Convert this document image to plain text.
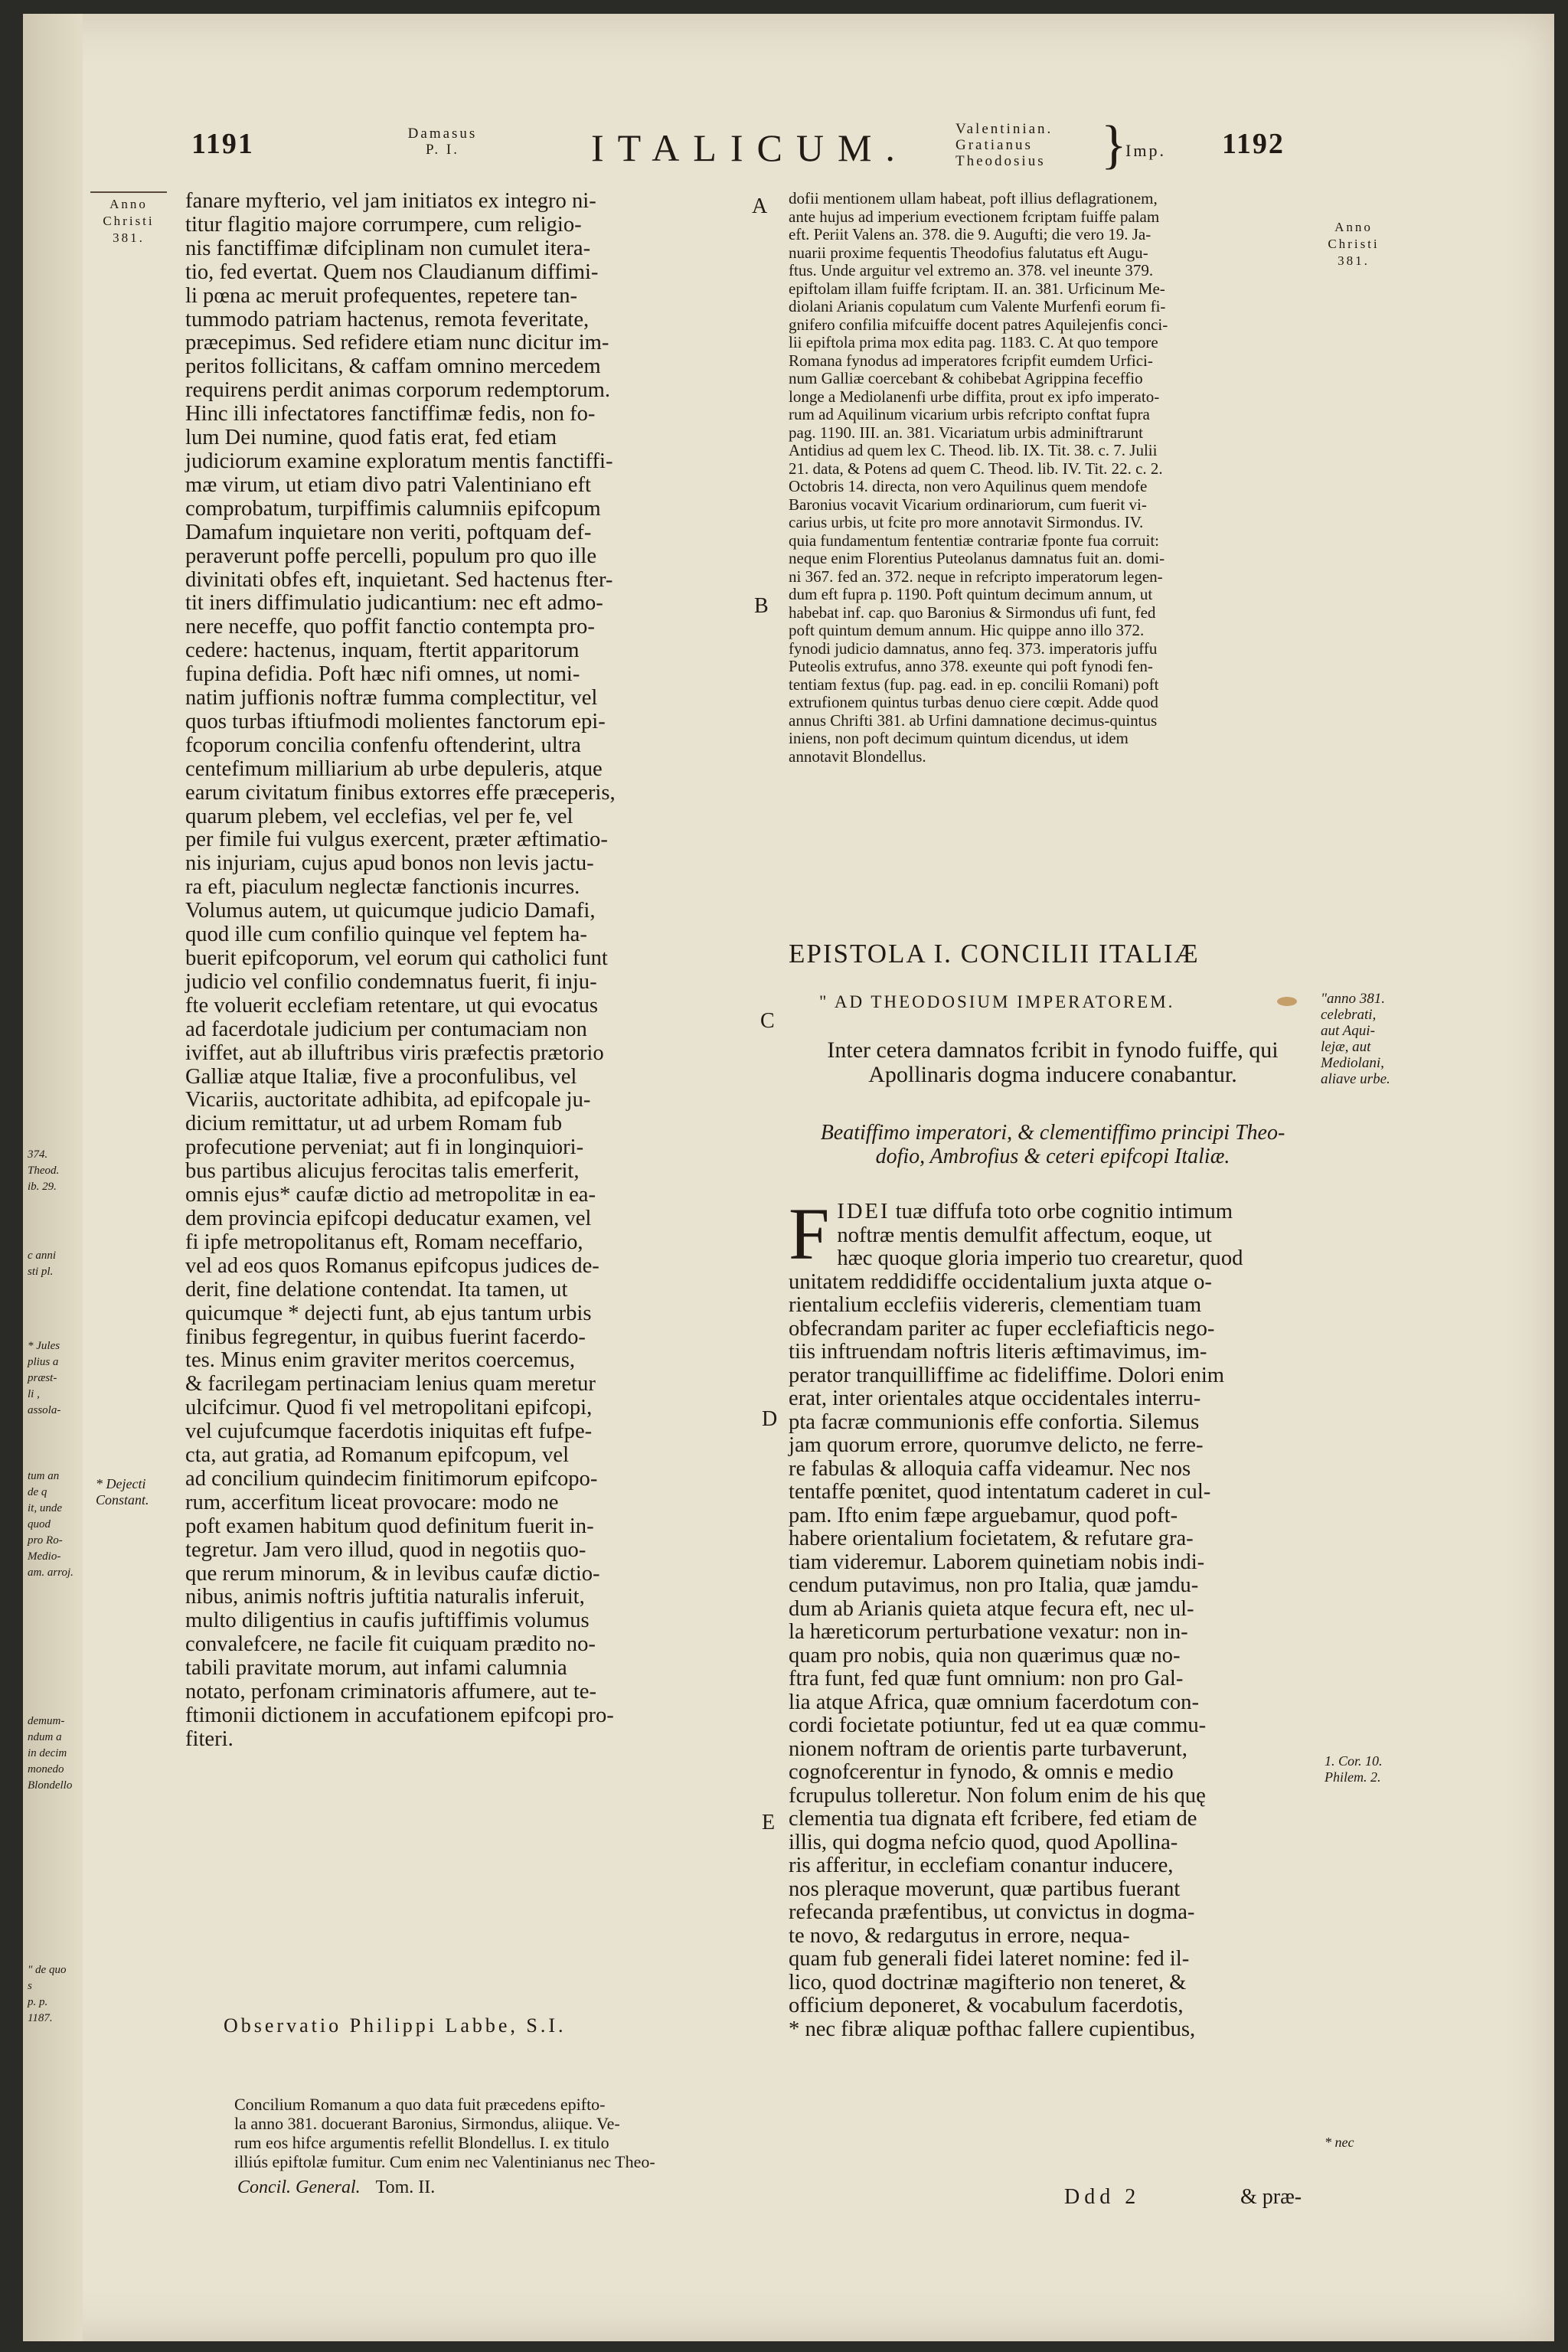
1191	Damasus
P. I.	ITALICUM.	Valentinian.
Gratianus
Theodosius	}
Imp. 1192
Anno
Christi
381.
* Dejecti
Constant.
374.
Theod.
ib. 29.
c anni
sti pl.
* Jules
plius a
præst-
li ,
assola-
tum an
de q
it, unde
quod
pro Ro-
Medio-
am. arroj.
demum-
ndum a
in decim
monedo
Blondello
" de quo s
p. p. 1187.

fanare myfterio, vel jam initiatos ex integro ni-
titur flagitio majore corrumpere, cum religio-
nis fanctiffimæ difciplinam non cumulet itera-
tio, fed evertat. Quem nos Claudianum diffimi-
li pœna ac meruit profequentes, repetere tan-
tummodo patriam hactenus, remota feveritate,
præcepimus. Sed refidere etiam nunc dicitur im-
peritos follicitans, & caffam omnino mercedem
requirens perdit animas corporum redemptorum.
Hinc illi infectatores fanctiffimæ fedis, non fo-
lum Dei numine, quod fatis erat, fed etiam
judiciorum examine exploratum mentis fanctiffi-
mæ virum, ut etiam divo patri Valentiniano eft
comprobatum, turpiffimis calumniis epifcopum
Damafum inquietare non veriti, poftquam def-
peraverunt poffe percelli, populum pro quo ille
divinitati obfes eft, inquietant. Sed hactenus fter-
tit iners diffimulatio judicantium: nec eft admo-
nere neceffe, quo poffit fanctio contempta pro-
cedere: hactenus, inquam, ftertit apparitorum
fupina defidia. Poft hæc nifi omnes, ut nomi-
natim juffionis noftræ fumma complectitur, vel
quos turbas iftiufmodi molientes fanctorum epi-
fcoporum concilia confenfu oftenderint, ultra
centefimum milliarium ab urbe depuleris, atque
earum civitatum finibus extorres effe præceperis,
quarum plebem, vel ecclefias, vel per fe, vel
per fimile fui vulgus exercent, præter æftimatio-
nis injuriam, cujus apud bonos non levis jactu-
ra eft, piaculum neglectæ fanctionis incurres.
Volumus autem, ut quicumque judicio Damafi,
quod ille cum confilio quinque vel feptem ha-
buerit epifcoporum, vel eorum qui catholici funt
judicio vel confilio condemnatus fuerit, fi inju-
fte voluerit ecclefiam retentare, ut qui evocatus
ad facerdotale judicium per contumaciam non
iviffet, aut ab illuftribus viris præfectis prætorio
Galliæ atque Italiæ, five a proconfulibus, vel
Vicariis, auctoritate adhibita, ad epifcopale ju-
dicium remittatur, ut ad urbem Romam fub
profecutione perveniat; aut fi in longinquiori-
bus partibus alicujus ferocitas talis emerferit,
omnis ejus* caufæ dictio ad metropolitæ in ea-
dem provincia epifcopi deducatur examen, vel
fi ipfe metropolitanus eft, Romam neceffario,
vel ad eos quos Romanus epifcopus judices de-
derit, fine delatione contendat. Ita tamen, ut
quicumque * dejecti funt, ab ejus tantum urbis
finibus fegregentur, in quibus fuerint facerdo-
tes. Minus enim graviter meritos coercemus,
& facrilegam pertinaciam lenius quam meretur
ulcifcimur. Quod fi vel metropolitani epifcopi,
vel cujufcumque facerdotis iniquitas eft fufpe-
cta, aut gratia, ad Romanum epifcopum, vel
ad concilium quindecim finitimorum epifcopo-
rum, accerfitum liceat provocare: modo ne
poft examen habitum quod definitum fuerit in-
tegretur. Jam vero illud, quod in negotiis quo-
que rerum minorum, & in levibus caufæ dictio-
nibus, animis noftris juftitia naturalis inferuit,
multo diligentius in caufis juftiffimis volumus
convalefcere, ne facile fit cuiquam prædito no-
tabili pravitate morum, aut infami calumnia
notato, perfonam criminatoris affumere, aut te-
ftimonii dictionem in accufationem epifcopi pro-
fiteri.

A
B
C
D
E
Observatio Philippi Labbe, S.I.

Concilium Romanum a quo data fuit præcedens epifto-
la anno 381. docuerant Baronius, Sirmondus, aliique. Ve-
rum eos hifce argumentis refellit Blondellus. I. ex titulo
illiús epiftolæ fumitur. Cum enim nec Valentinianus nec Theo-

Concil. General. Tom. II.

dofii mentionem ullam habeat, poft illius deflagrationem,
ante hujus ad imperium evectionem fcriptam fuiffe palam
eft. Periit Valens an. 378. die 9. Augufti; die vero 19. Ja-
nuarii proxime fequentis Theodofius falutatus eft Augu-
ftus. Unde arguitur vel extremo an. 378. vel ineunte 379.
epiftolam illam fuiffe fcriptam. II. an. 381. Urficinum Me-
diolani Arianis copulatum cum Valente Murfenfi eorum fi-
gnifero confilia mifcuiffe docent patres Aquilejenfis conci-
lii epiftola prima mox edita pag. 1183. C. At quo tempore
Romana fynodus ad imperatores fcripfit eumdem Urfici-
num Galliæ coercebant & cohibebat Agrippina feceffio
longe a Mediolanenfi urbe diffita, prout ex ipfo imperato-
rum ad Aquilinum vicarium urbis refcripto conftat fupra
pag. 1190. III. an. 381. Vicariatum urbis adminiftrarunt
Antidius ad quem lex C. Theod. lib. IX. Tit. 38. c. 7. Julii
21. data, & Potens ad quem C. Theod. lib. IV. Tit. 22. c. 2.
Octobris 14. directa, non vero Aquilinus quem mendofe
Baronius vocavit Vicarium ordinariorum, cum fuerit vi-
carius urbis, ut fcite pro more annotavit Sirmondus. IV.
quia fundamentum fententiæ contrariæ fponte fua corruit:
neque enim Florentius Puteolanus damnatus fuit an. domi-
ni 367. fed an. 372. neque in refcripto imperatorum legen-
dum eft fupra p. 1190. Poft quintum decimum annum, ut
habebat inf. cap. quo Baronius & Sirmondus ufi funt, fed
poft quintum demum annum. Hic quippe anno illo 372.
fynodi judicio damnatus, anno feq. 373. imperatoris juffu
Puteolis extrufus, anno 378. exeunte qui poft fynodi fen-
tentiam fextus (fup. pag. ead. in ep. concilii Romani) poft
extrufionem quintus turbas denuo ciere cœpit. Adde quod
annus Chrifti 381. ab Urfini damnatione decimus-quintus
iniens, non poft decimum quintum dicendus, ut idem
annotavit Blondellus.

Anno
Christi
381.
EPISTOLA I. CONCILII ITALIÆ
" AD THEODOSIUM IMPERATOREM.	"anno 381.
celebrati,
aut Aqui-
lejæ, aut
Mediolani,
aliave urbe.

Inter cetera damnatos fcribit in fynodo fuiffe, qui
Apollinaris dogma inducere conabantur.

Beatiffimo imperatori, & clementiffimo principi Theo-
dofio, Ambrofius & ceteri epifcopi Italiæ.

F IDEI tuæ diffufa toto orbe cognitio intimum
noftræ mentis demulfit affectum, eoque, ut
hæc quoque gloria imperio tuo crearetur, quod
unitatem reddidiffe occidentalium juxta atque o-
rientalium ecclefiis videreris, clementiam tuam
obfecrandam pariter ac fuper ecclefiafticis nego-
tiis inftruendam noftris literis æftimavimus, im-
perator tranquilliffime ac fideliffime. Dolori enim
erat, inter orientales atque occidentales interru-
pta facræ communionis effe confortia. Silemus
jam quorum errore, quorumve delicto, ne ferre-
re fabulas & alloquia caffa videamur. Nec nos
tentaffe pœnitet, quod intentatum caderet in cul-
pam. Ifto enim fæpe arguebamur, quod poft-
habere orientalium focietatem, & refutare gra-
tiam videremur. Laborem quinetiam nobis indi-
cendum putavimus, non pro Italia, quæ jamdu-
dum ab Arianis quieta atque fecura eft, nec ul-
la hæreticorum perturbatione vexatur: non in-
quam pro nobis, quia non quærimus quæ no-
ftra funt, fed quæ funt omnium: non pro Gal-
lia atque Africa, quæ omnium facerdotum con-
cordi focietate potiuntur, fed ut ea quæ commu-
nionem noftram de orientis parte turbaverunt,
cognofcerentur in fynodo, & omnis e medio
fcrupulus tolleretur. Non folum enim de his quę
clementia tua dignata eft fcribere, fed etiam de
illis, qui dogma nefcio quod, quod Apollina-
ris afferitur, in ecclefiam conantur inducere,
nos pleraque moverunt, quæ partibus fuerant
refecanda præfentibus, ut convictus in dogma-
te novo, & redargutus in errore, nequa-
quam fub generali fidei lateret nomine: fed il-
lico, quod doctrinæ magifterio non teneret, &
officium deponeret, & vocabulum facerdotis,
* nec fibræ aliquæ pofthac fallere cupientibus,

1. Cor. 10.
Philem. 2.
* nec
Ddd 2	& præ-
